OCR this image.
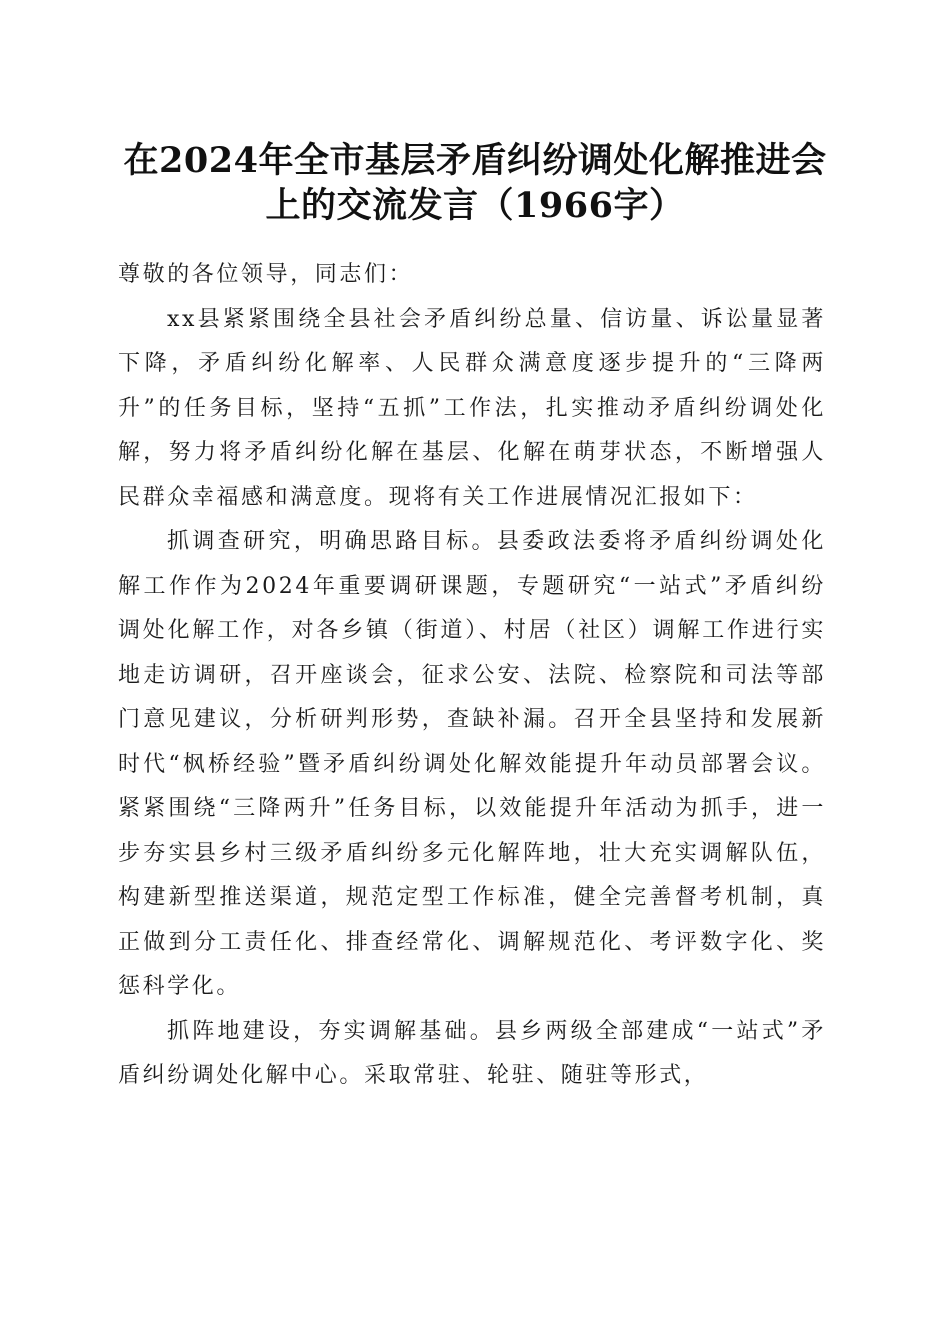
在2024年全市基层矛盾纠纷调处化解推进会
上的交流发言（1966字）

尊敬的各位领导，同志们：

xx县紧紧围绕全县社会矛盾纠纷总量、信访量、诉讼量显著下降，矛盾纠纷化解率、人民群众满意度逐步提升的“三降两升”的任务目标，坚持“五抓”工作法，扎实推动矛盾纠纷调处化解，努力将矛盾纠纷化解在基层、化解在萌芽状态，不断增强人民群众幸福感和满意度。现将有关工作进展情况汇报如下：

抓调查研究，明确思路目标。县委政法委将矛盾纠纷调处化解工作作为2024年重要调研课题，专题研究“一站式”矛盾纠纷调处化解工作，对各乡镇（街道）、村居（社区）调解工作进行实地走访调研，召开座谈会，征求公安、法院、检察院和司法等部门意见建议，分析研判形势，查缺补漏。召开全县坚持和发展新时代“枫桥经验”暨矛盾纠纷调处化解效能提升年动员部署会议。紧紧围绕“三降两升”任务目标，以效能提升年活动为抓手，进一步夯实县乡村三级矛盾纠纷多元化解阵地，壮大充实调解队伍，构建新型推送渠道，规范定型工作标准，健全完善督考机制，真正做到分工责任化、排查经常化、调解规范化、考评数字化、奖惩科学化。

抓阵地建设，夯实调解基础。县乡两级全部建成“一站式”矛盾纠纷调处化解中心。采取常驻、轮驻、随驻等形式，
